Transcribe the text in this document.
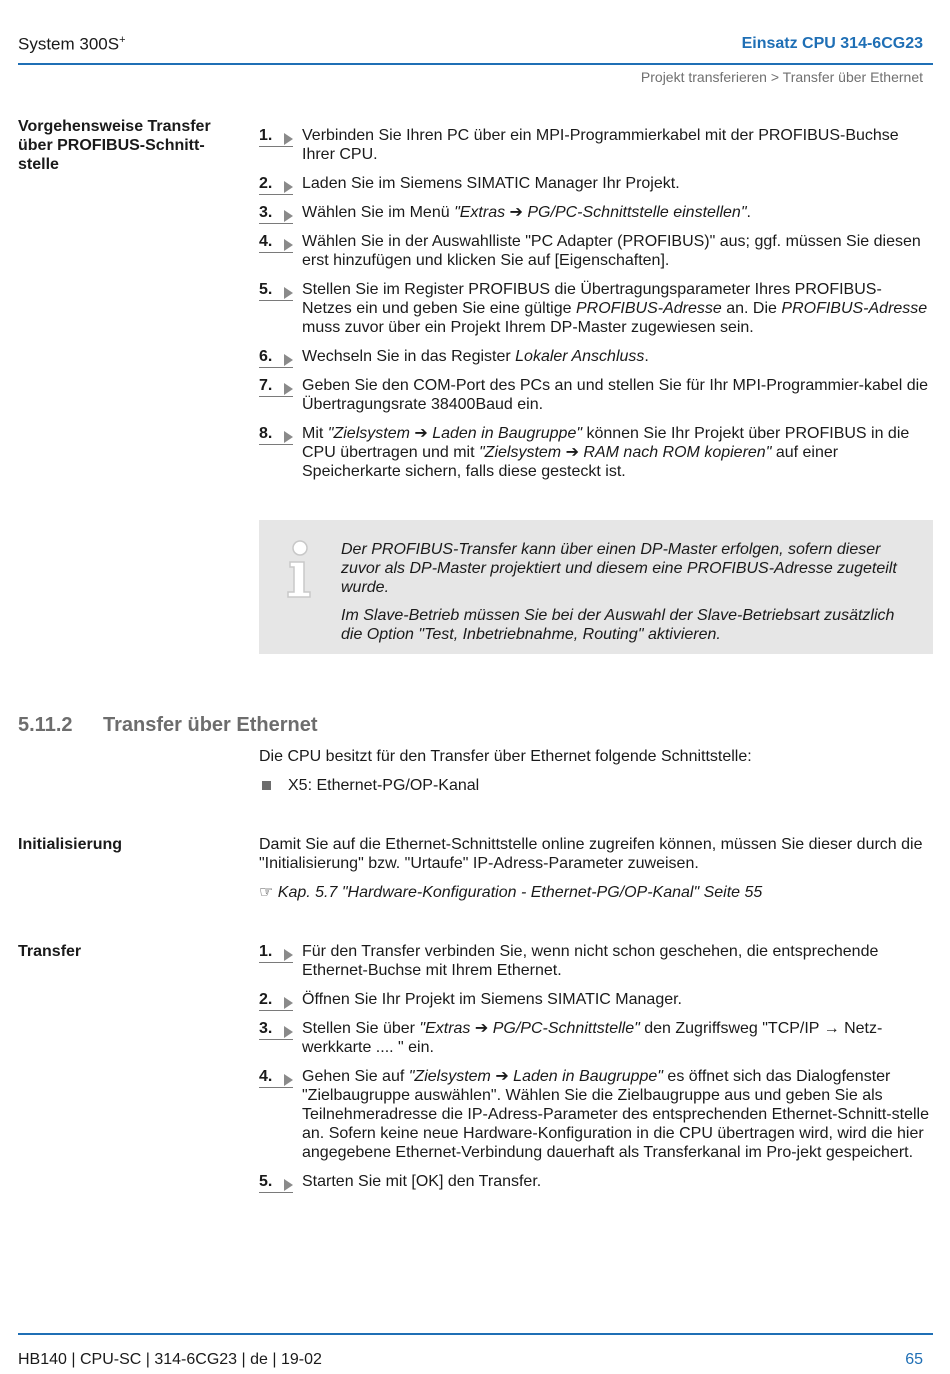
System 300S+	Einsatz CPU 314-6CG23
Projekt transferieren > Transfer über Ethernet
Vorgehensweise Transfer über PROFIBUS-Schnitt-stelle
1.	Verbinden Sie Ihren PC über ein MPI-Programmierkabel mit der PROFIBUS-Buchse Ihrer CPU.
2.	Laden Sie im Siemens SIMATIC Manager Ihr Projekt.
3.	Wählen Sie im Menü "Extras ➔ PG/PC-Schnittstelle einstellen".
4.	Wählen Sie in der Auswahlliste "PC Adapter (PROFIBUS)" aus; ggf. müssen Sie diesen erst hinzufügen und klicken Sie auf [Eigenschaften].
5.	Stellen Sie im Register PROFIBUS die Übertragungsparameter Ihres PROFIBUS-Netzes ein und geben Sie eine gültige PROFIBUS-Adresse an. Die PROFIBUS-Adresse muss zuvor über ein Projekt Ihrem DP-Master zugewiesen sein.
6.	Wechseln Sie in das Register Lokaler Anschluss.
7.	Geben Sie den COM-Port des PCs an und stellen Sie für Ihr MPI-Programmier-kabel die Übertragungsrate 38400Baud ein.
8.	Mit "Zielsystem ➔ Laden in Baugruppe" können Sie Ihr Projekt über PROFIBUS in die CPU übertragen und mit "Zielsystem ➔ RAM nach ROM kopieren" auf einer Speicherkarte sichern, falls diese gesteckt ist.

Der PROFIBUS-Transfer kann über einen DP-Master erfolgen, sofern dieser zuvor als DP-Master projektiert und diesem eine PROFIBUS-Adresse zugeteilt wurde.

Im Slave-Betrieb müssen Sie bei der Auswahl der Slave-Betriebsart zusätzlich die Option "Test, Inbetriebnahme, Routing" aktivieren.

5.11.2 Transfer über Ethernet
Die CPU besitzt für den Transfer über Ethernet folgende Schnittstelle:
X5: Ethernet-PG/OP-Kanal
Initialisierung	Damit Sie auf die Ethernet-Schnittstelle online zugreifen können, müssen Sie dieser durch die "Initialisierung" bzw. "Urtaufe" IP-Adress-Parameter zuweisen.
☞ Kap. 5.7 "Hardware-Konfiguration - Ethernet-PG/OP-Kanal" Seite 55
Transfer	1.	Für den Transfer verbinden Sie, wenn nicht schon geschehen, die entsprechende Ethernet-Buchse mit Ihrem Ethernet.
2.	Öffnen Sie Ihr Projekt im Siemens SIMATIC Manager.
3.	Stellen Sie über "Extras ➔ PG/PC-Schnittstelle" den Zugriffsweg "TCP/IP → Netz-werkkarte .... " ein.
4.	Gehen Sie auf "Zielsystem ➔ Laden in Baugruppe" es öffnet sich das Dialogfenster "Zielbaugruppe auswählen". Wählen Sie die Zielbaugruppe aus und geben Sie als Teilnehmeradresse die IP-Adress-Parameter des entsprechenden Ethernet-Schnitt-stelle an. Sofern keine neue Hardware-Konfiguration in die CPU übertragen wird, wird die hier angegebene Ethernet-Verbindung dauerhaft als Transferkanal im Pro-jekt gespeichert.
5.	Starten Sie mit [OK] den Transfer.
HB140 | CPU-SC | 314-6CG23 | de | 19-02	65
